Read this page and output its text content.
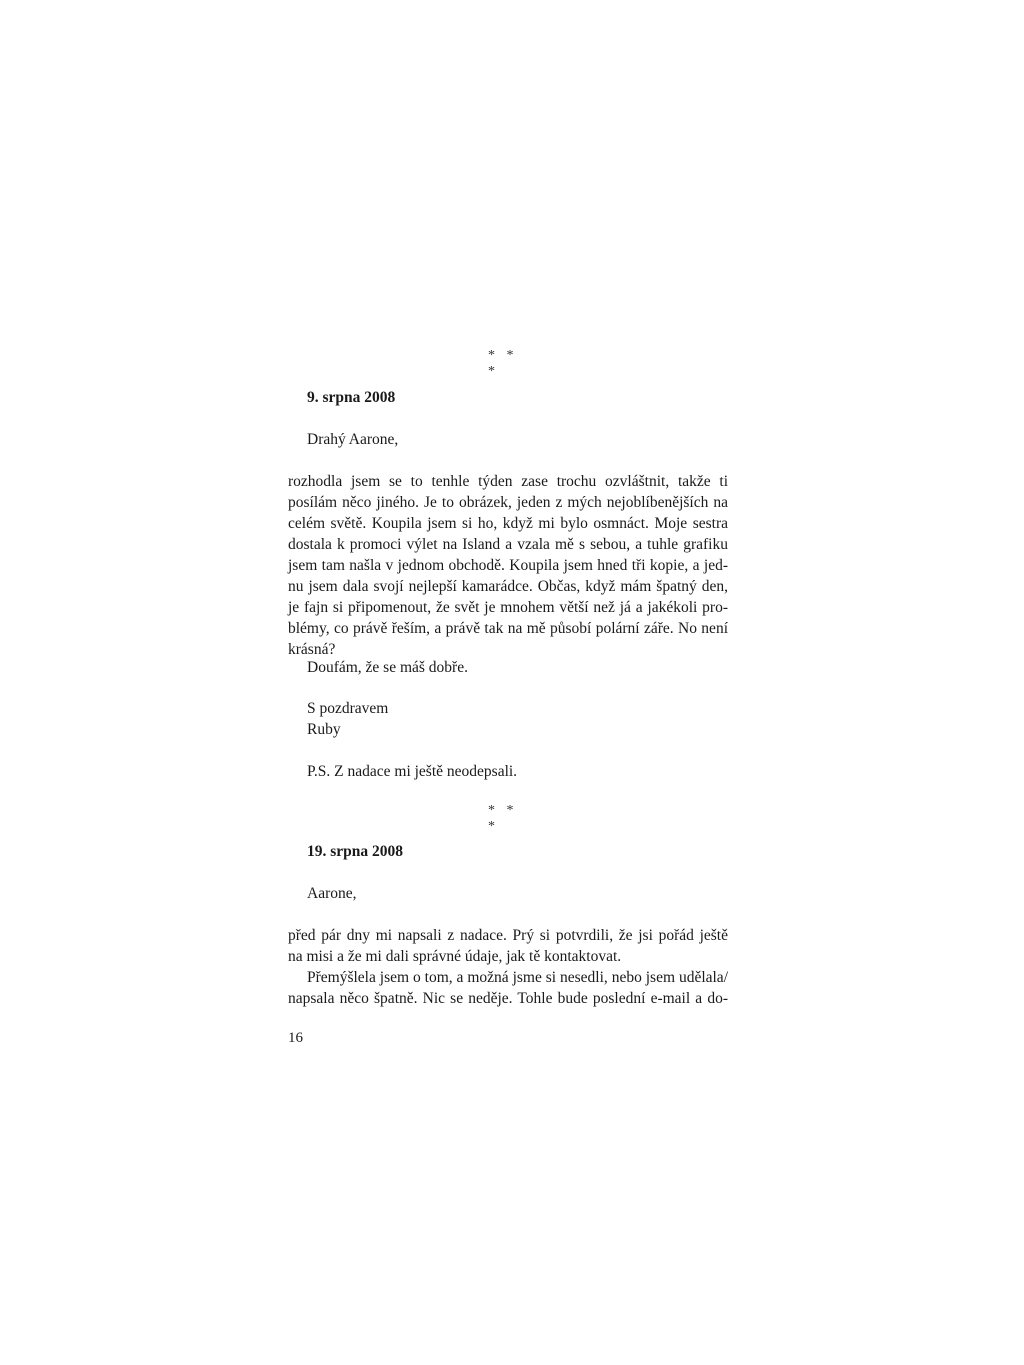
* * *
9. srpna 2008
Drahý Aarone,
rozhodla jsem se to tenhle týden zase trochu ozvláštnit, takže ti
posílám něco jiného. Je to obrázek, jeden z mých nejoblíbenějších na
celém světě. Koupila jsem si ho, když mi bylo osmnáct. Moje sestra
dostala k promoci výlet na Island a vzala mě s sebou, a tuhle grafiku
jsem tam našla v jednom obchodě. Koupila jsem hned tři kopie, a jed-
nu jsem dala svojí nejlepší kamarádce. Občas, když mám špatný den,
je fajn si připomenout, že svět je mnohem větší než já a jakékoli pro-
blémy, co právě řeším, a právě tak na mě působí polární záře. No není
krásná?
Doufám, že se máš dobře.
S pozdravem
Ruby
P.S. Z nadace mi ještě neodepsali.
* * *
19. srpna 2008
Aarone,
před pár dny mi napsali z nadace. Prý si potvrdili, že jsi pořád ještě
na misi a že mi dali správné údaje, jak tě kontaktovat.
Přemýšlela jsem o tom, a možná jsme si nesedli, nebo jsem udělala/
napsala něco špatně. Nic se neděje. Tohle bude poslední e-mail a do-
16
